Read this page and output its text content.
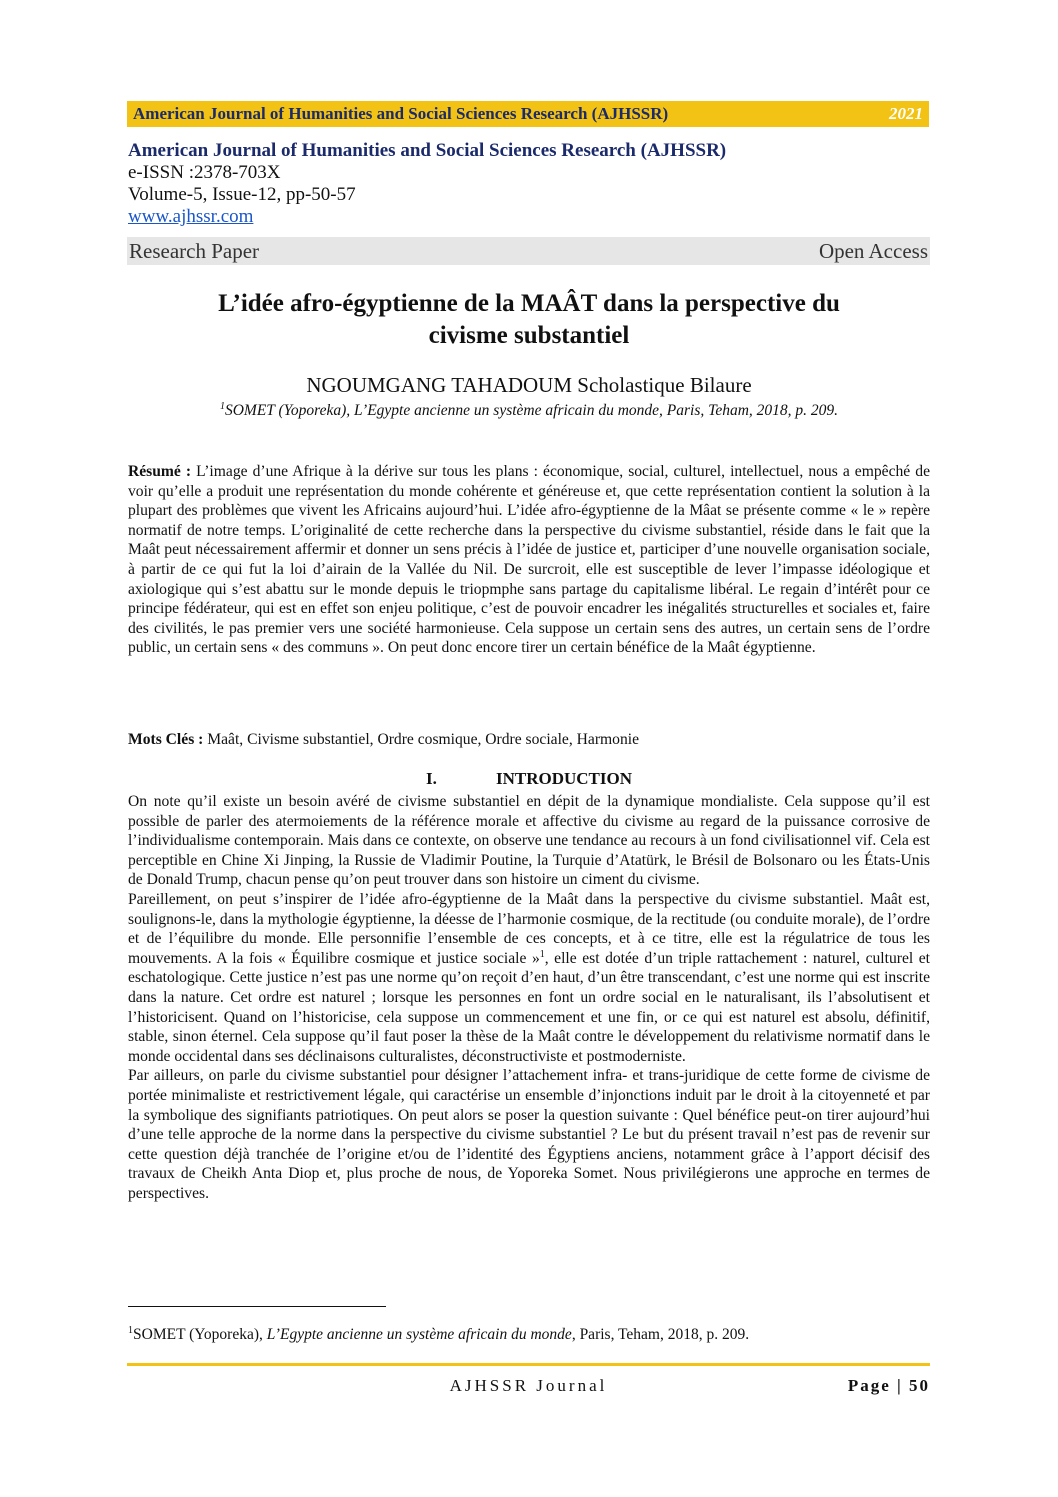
American Journal of Humanities and Social Sciences Research (AJHSSR)	2021
American Journal of Humanities and Social Sciences Research (AJHSSR)
e-ISSN :2378-703X
Volume-5, Issue-12, pp-50-57
www.ajhssr.com
Research Paper	Open Access
L’idée afro-égyptienne de la MAÂT dans la perspective du
civisme substantiel
NGOUMGANG TAHADOUM Scholastique Bilaure
$^1$SOMET (Yoporeka), L’Egypte ancienne un système africain du monde, Paris, Teham, 2018, p. 209.
Résumé : L’image d’une Afrique à la dérive sur tous les plans : économique, social, culturel, intellectuel, nous a empêché de voir qu’elle a produit une représentation du monde cohérente et généreuse et, que cette représentation contient la solution à la plupart des problèmes que vivent les Africains aujourd’hui. L’idée afro-égyptienne de la Mâat se présente comme « le » repère normatif de notre temps. L’originalité de cette recherche dans la perspective du civisme substantiel, réside dans le fait que la Maât peut nécessairement affermir et donner un sens précis à l’idée de justice et, participer d’une nouvelle organisation sociale, à partir de ce qui fut la loi d’airain de la Vallée du Nil. De surcroit, elle est susceptible de lever l’impasse idéologique et axiologique qui s’est abattu sur le monde depuis le triopmphe sans partage du capitalisme libéral. Le regain d’intérêt pour ce principe fédérateur, qui est en effet son enjeu politique, c’est de pouvoir encadrer les inégalités structurelles et sociales et, faire des civilités, le pas premier vers une société harmonieuse. Cela suppose un certain sens des autres, un certain sens de l’ordre public, un certain sens « des communs ». On peut donc encore tirer un certain bénéfice de la Maât égyptienne.
Mots Clés : Maât, Civisme substantiel, Ordre cosmique, Ordre sociale, Harmonie
I.	INTRODUCTION

On note qu’il existe un besoin avéré de civisme substantiel en dépit de la dynamique mondialiste. Cela suppose qu’il est possible de parler des atermoiements de la référence morale et affective du civisme au regard de la puissance corrosive de l’individualisme contemporain. Mais dans ce contexte, on observe une tendance au recours à un fond civilisationnel vif. Cela est perceptible en Chine Xi Jinping, la Russie de Vladimir Poutine, la Turquie d’Atatürk, le Brésil de Bolsonaro ou les États-Unis de Donald Trump, chacun pense qu’on peut trouver dans son histoire un ciment du civisme.

Pareillement, on peut s’inspirer de l’idée afro-égyptienne de la Maât dans la perspective du civisme substantiel. Maât est, soulignons-le, dans la mythologie égyptienne, la déesse de l’harmonie cosmique, de la rectitude (ou conduite morale), de l’ordre et de l’équilibre du monde. Elle personnifie l’ensemble de ces concepts, et à ce titre, elle est la régulatrice de tous les mouvements. A la fois « Équilibre cosmique et justice sociale »$^1$, elle est dotée d’un triple rattachement : naturel, culturel et eschatologique. Cette justice n’est pas une norme qu’on reçoit d’en haut, d’un être transcendant, c’est une norme qui est inscrite dans la nature. Cet ordre est naturel ; lorsque les personnes en font un ordre social en le naturalisant, ils l’absolutisent et l’historicisent. Quand on l’historicise, cela suppose un commencement et une fin, or ce qui est naturel est absolu, définitif, stable, sinon éternel. Cela suppose qu’il faut poser la thèse de la Maât contre le développement du relativisme normatif dans le monde occidental dans ses déclinaisons culturalistes, déconstructiviste et postmoderniste.

Par ailleurs, on parle du civisme substantiel pour désigner l’attachement infra- et trans-juridique de cette forme de civisme de portée minimaliste et restrictivement légale, qui caractérise un ensemble d’injonctions induit par le droit à la citoyenneté et par la symbolique des signifiants patriotiques. On peut alors se poser la question suivante : Quel bénéfice peut-on tirer aujourd’hui d’une telle approche de la norme dans la perspective du civisme substantiel ? Le but du présent travail n’est pas de revenir sur cette question déjà tranchée de l’origine et/ou de l’identité des Égyptiens anciens, notamment grâce à l’apport décisif des travaux de Cheikh Anta Diop et, plus proche de nous, de Yoporeka Somet. Nous privilégierons une approche en termes de perspectives.

$^1$SOMET (Yoporeka), L’Egypte ancienne un système africain du monde, Paris, Teham, 2018, p. 209.
AJHSSR Journal	Page | 50
